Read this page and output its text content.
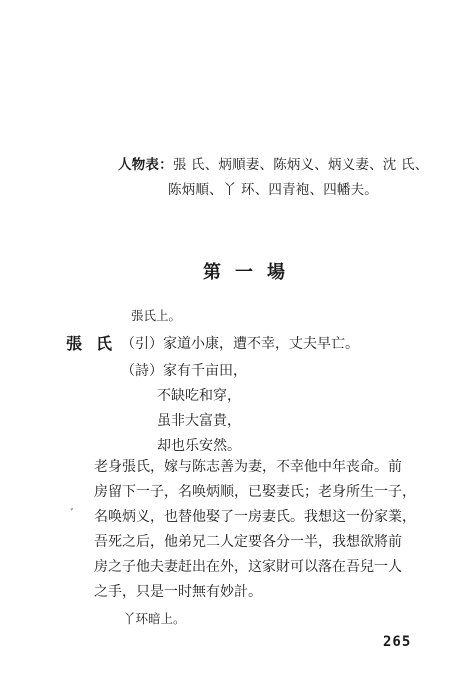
人物表：張 氏、炳順妻、陈炳义、炳义妻、沈 氏、
陈炳順、丫 环、四青袍、四幡夫。
第一場
張氏上。
張氏
（引）家道小康，遭不幸，丈夫早亡。
（詩）家有千亩田，
不缺吃和穿，
虽非大富貴，
却也乐安然。
老身張氏，嫁与陈志善为妻，不幸他中年丧命。前
房留下一子，名唤炳顺，已娶妻氏；老身所生一子，
ﾞ 名唤炳义，也替他娶了一房妻氏。我想这一份家業，
吾死之后，他弟兄二人定要各分一半，我想欲將前
房之子他夫妻赶出在外，这家財可以落在吾兒一人
之手，只是一时無有妙計。
丫环暗上。
265
